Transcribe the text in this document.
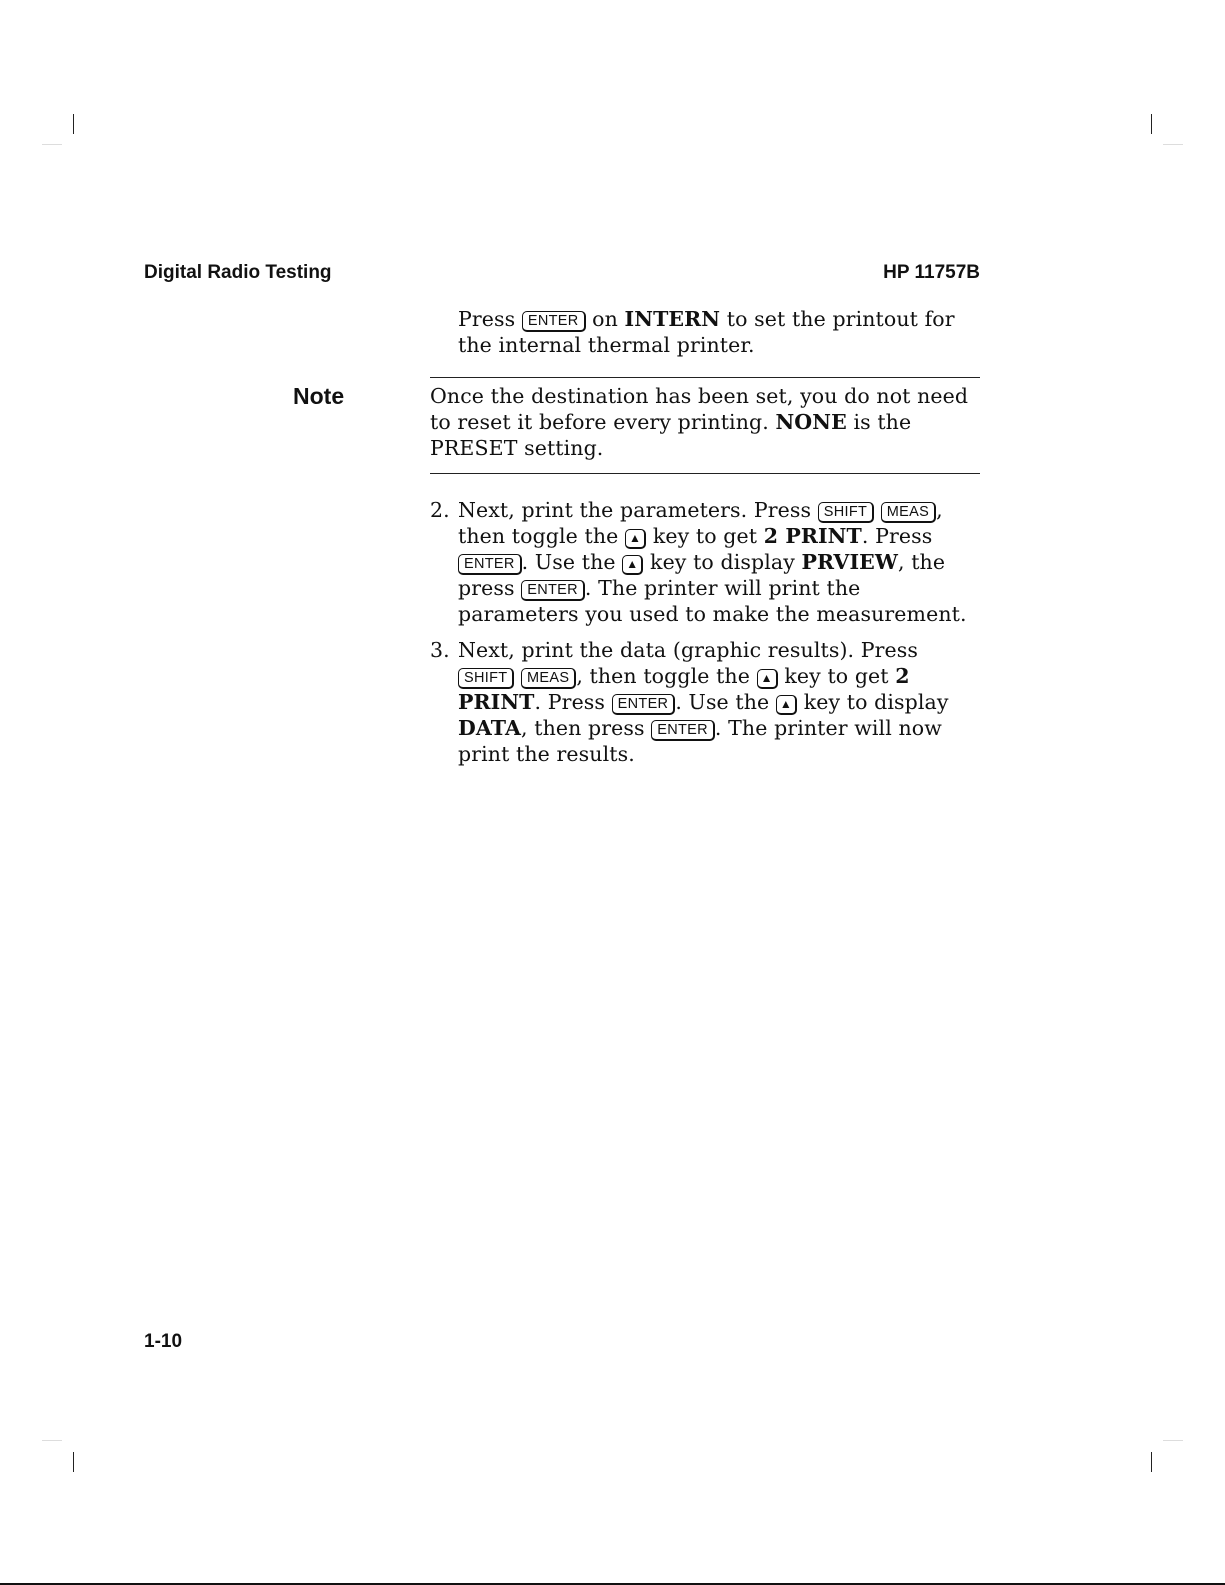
Digital Radio Testing	HP 11757B

Press ENTER on INTERN to set the printout for the internal thermal printer.

Note	Once the destination has been set, you do not need to reset it before every printing. NONE is the PRESET setting.

2. Next, print the parameters. Press SHIFT MEAS , then toggle the ▲ key to get 2 PRINT. Press ENTER . Use the ▲ key to display PRVIEW, the press ENTER . The printer will print the parameters you used to make the measurement.
3. Next, print the data (graphic results). Press SHIFT MEAS , then toggle the ▲ key to get 2 PRINT. Press ENTER . Use the ▲ key to display DATA, then press ENTER . The printer will now print the results.
1-10
